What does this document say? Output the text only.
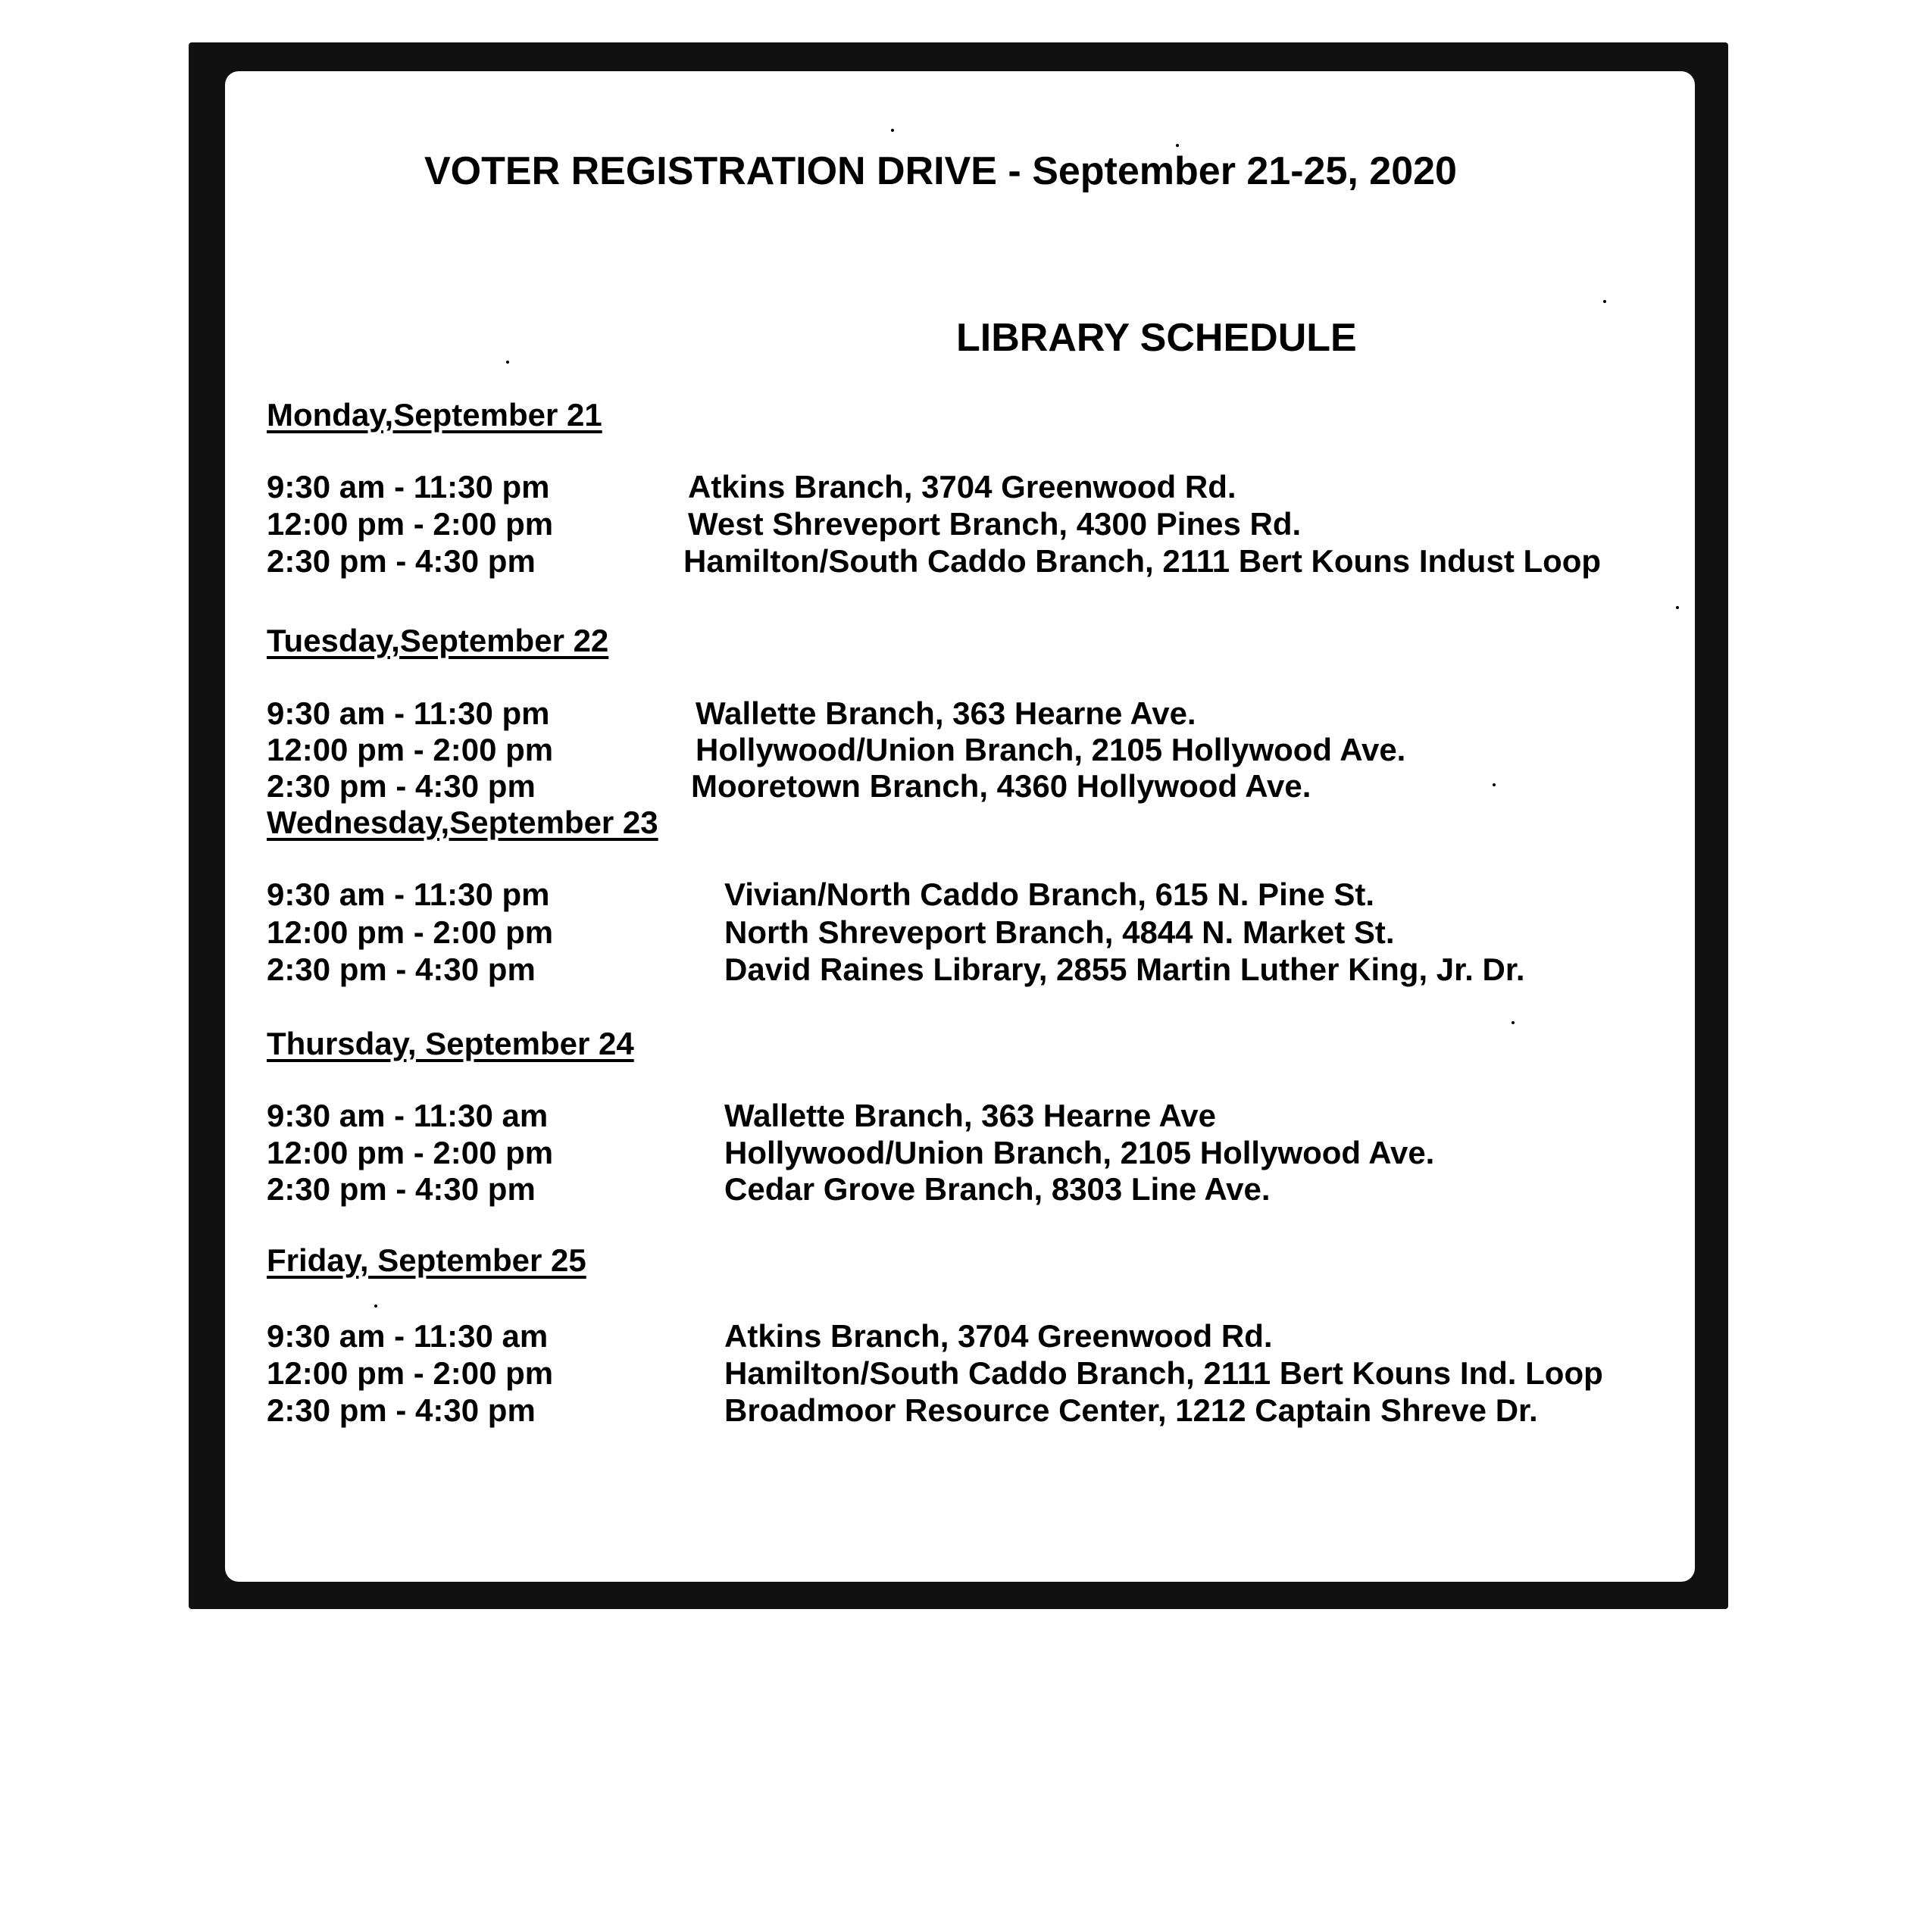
VOTER REGISTRATION DRIVE - September 21-25, 2020
LIBRARY SCHEDULE
Monday,September 21
9:30 am - 11:30 pm	Atkins Branch, 3704 Greenwood Rd.
12:00 pm - 2:00 pm	West Shreveport Branch, 4300 Pines Rd.
2:30 pm - 4:30 pm	Hamilton/South Caddo Branch, 2111 Bert Kouns Indust Loop
Tuesday,September 22
9:30 am - 11:30 pm	Wallette Branch, 363 Hearne Ave.
12:00 pm - 2:00 pm	Hollywood/Union Branch, 2105 Hollywood Ave.
2:30 pm - 4:30 pm	Mooretown Branch, 4360 Hollywood Ave.
Wednesday,September 23
9:30 am - 11:30 pm	Vivian/North Caddo Branch, 615 N. Pine St.
12:00 pm - 2:00 pm	North Shreveport Branch, 4844 N. Market St.
2:30 pm - 4:30 pm	David Raines Library, 2855 Martin Luther King, Jr. Dr.
Thursday, September 24
9:30 am - 11:30 am	Wallette Branch, 363 Hearne Ave
12:00 pm - 2:00 pm	Hollywood/Union Branch, 2105 Hollywood Ave.
2:30 pm - 4:30 pm	Cedar Grove Branch, 8303 Line Ave.
Friday, September 25
9:30 am - 11:30 am	Atkins Branch, 3704 Greenwood Rd.
12:00 pm - 2:00 pm	Hamilton/South Caddo Branch, 2111 Bert Kouns Ind. Loop
2:30 pm - 4:30 pm	Broadmoor Resource Center, 1212 Captain Shreve Dr.
